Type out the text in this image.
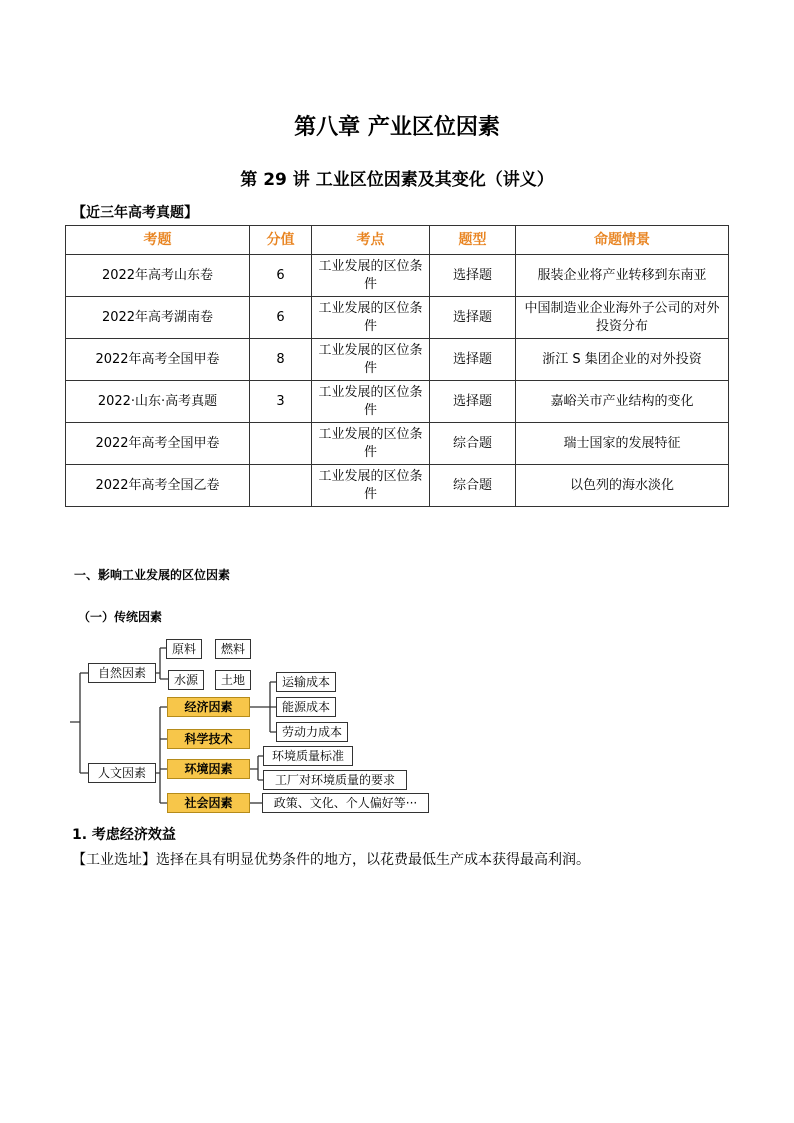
第八章 产业区位因素
第 29 讲 工业区位因素及其变化（讲义）
【近三年高考真题】
考题	分值	考点	题型	命题情景
2022年高考山东卷	6	工业发展的区位条件	选择题	服装企业将产业转移到东南亚
2022年高考湖南卷	6	工业发展的区位条件	选择题	中国制造业企业海外子公司的对外投资分布
2022年高考全国甲卷	8	工业发展的区位条件	选择题	浙江 S 集团企业的对外投资
2022·山东·高考真题	3	工业发展的区位条件	选择题	嘉峪关市产业结构的变化
2022年高考全国甲卷		工业发展的区位条件	综合题	瑞士国家的发展特征
2022年高考全国乙卷		工业发展的区位条件	综合题	以色列的海水淡化
一、影响工业发展的区位因素
（一）传统因素
自然因素
原料	燃料
水源	土地
人文因素
经济因素
运输成本
能源成本
劳动力成本
科学技术
环境因素
环境质量标准
工厂对环境质量的要求
社会因素	政策、文化、个人偏好等···
1. 考虑经济效益
【工业选址】选择在具有明显优势条件的地方，以花费最低生产成本获得最高利润。
